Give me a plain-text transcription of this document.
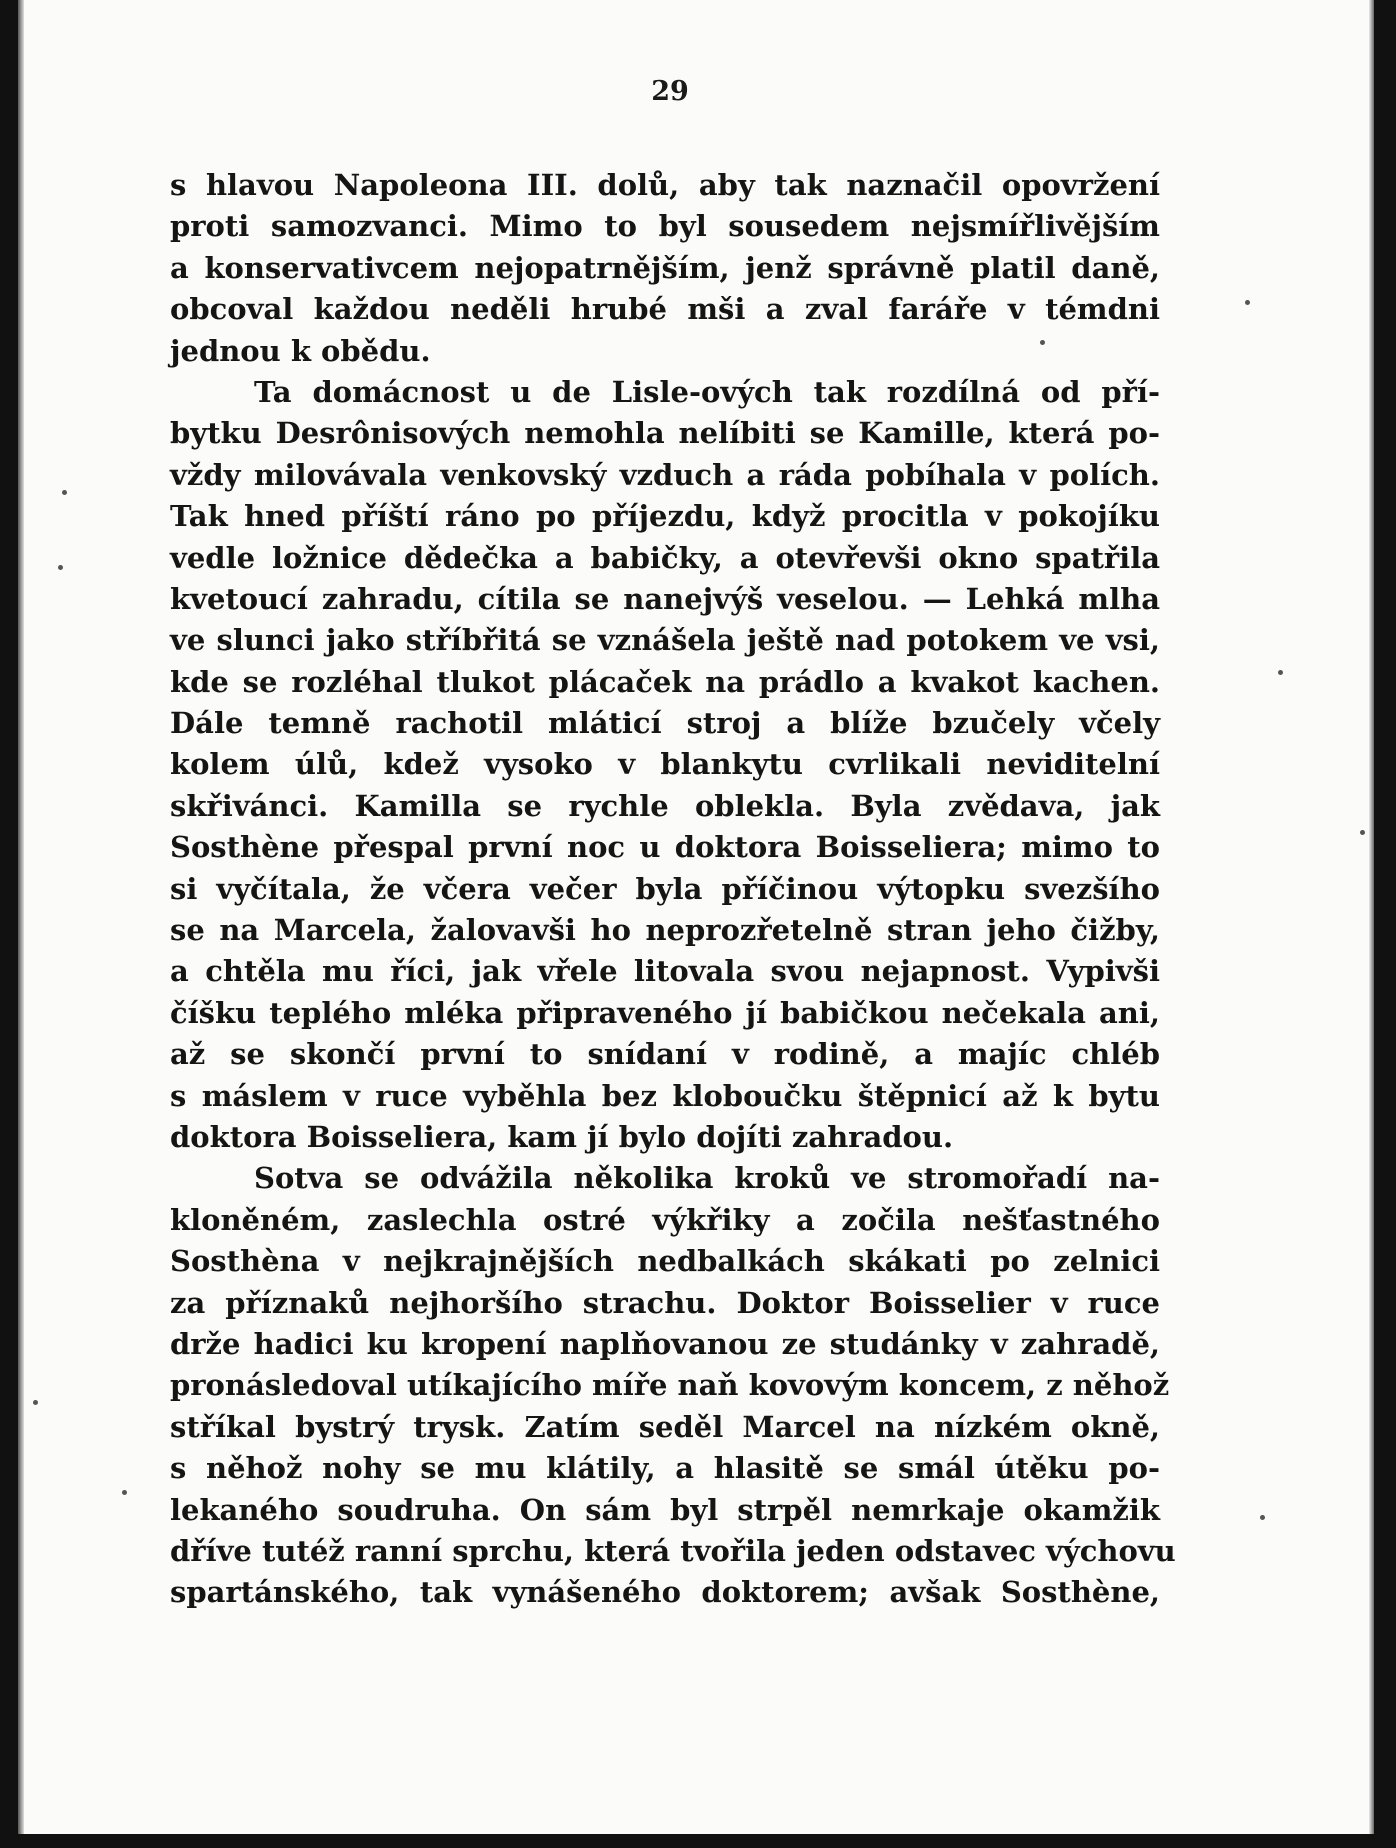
29
s hlavou Napoleona III. dolů, aby tak naznačil opovržení
proti samozvanci. Mimo to byl sousedem nejsmířlivějším
a konservativcem nejopatrnějším, jenž správně platil daně,
obcoval každou neděli hrubé mši a zval faráře v témdni
jednou k obědu.
Ta domácnost u de Lisle-ových tak rozdílná od pří-
bytku Desrônisových nemohla nelíbiti se Kamille, která po-
vždy milovávala venkovský vzduch a ráda pobíhala v polích.
Tak hned příští ráno po příjezdu, když procitla v pokojíku
vedle ložnice dědečka a babičky, a otevřevši okno spatřila
kvetoucí zahradu, cítila se nanejvýš veselou. — Lehká mlha
ve slunci jako stříbřitá se vznášela ještě nad potokem ve vsi,
kde se rozléhal tlukot plácaček na prádlo a kvakot kachen.
Dále temně rachotil mláticí stroj a blíže bzučely včely
kolem úlů, kdež vysoko v blankytu cvrlikali neviditelní
skřivánci. Kamilla se rychle oblekla. Byla zvědava, jak
Sosthène přespal první noc u doktora Boisseliera; mimo to
si vyčítala, že včera večer byla příčinou výtopku svezšího
se na Marcela, žalovavši ho neprozřetelně stran jeho čižby,
a chtěla mu říci, jak vřele litovala svou nejapnost. Vypivši
číšku teplého mléka připraveného jí babičkou nečekala ani,
až se skončí první to snídaní v rodině, a majíc chléb
s máslem v ruce vyběhla bez kloboučku štěpnicí až k bytu
doktora Boisseliera, kam jí bylo dojíti zahradou.
Sotva se odvážila několika kroků ve stromořadí na-
kloněném, zaslechla ostré výkřiky a zočila nešťastného
Sosthèna v nejkrajnějších nedbalkách skákati po zelnici
za příznaků nejhoršího strachu. Doktor Boisselier v ruce
drže hadici ku kropení naplňovanou ze studánky v zahradě,
pronásledoval utíkajícího míře naň kovovým koncem, z něhož
stříkal bystrý trysk. Zatím seděl Marcel na nízkém okně,
s něhož nohy se mu klátily, a hlasitě se smál útěku po-
lekaného soudruha. On sám byl strpěl nemrkaje okamžik
dříve tutéž ranní sprchu, která tvořila jeden odstavec výchovu
spartánského, tak vynášeného doktorem; avšak Sosthène,
